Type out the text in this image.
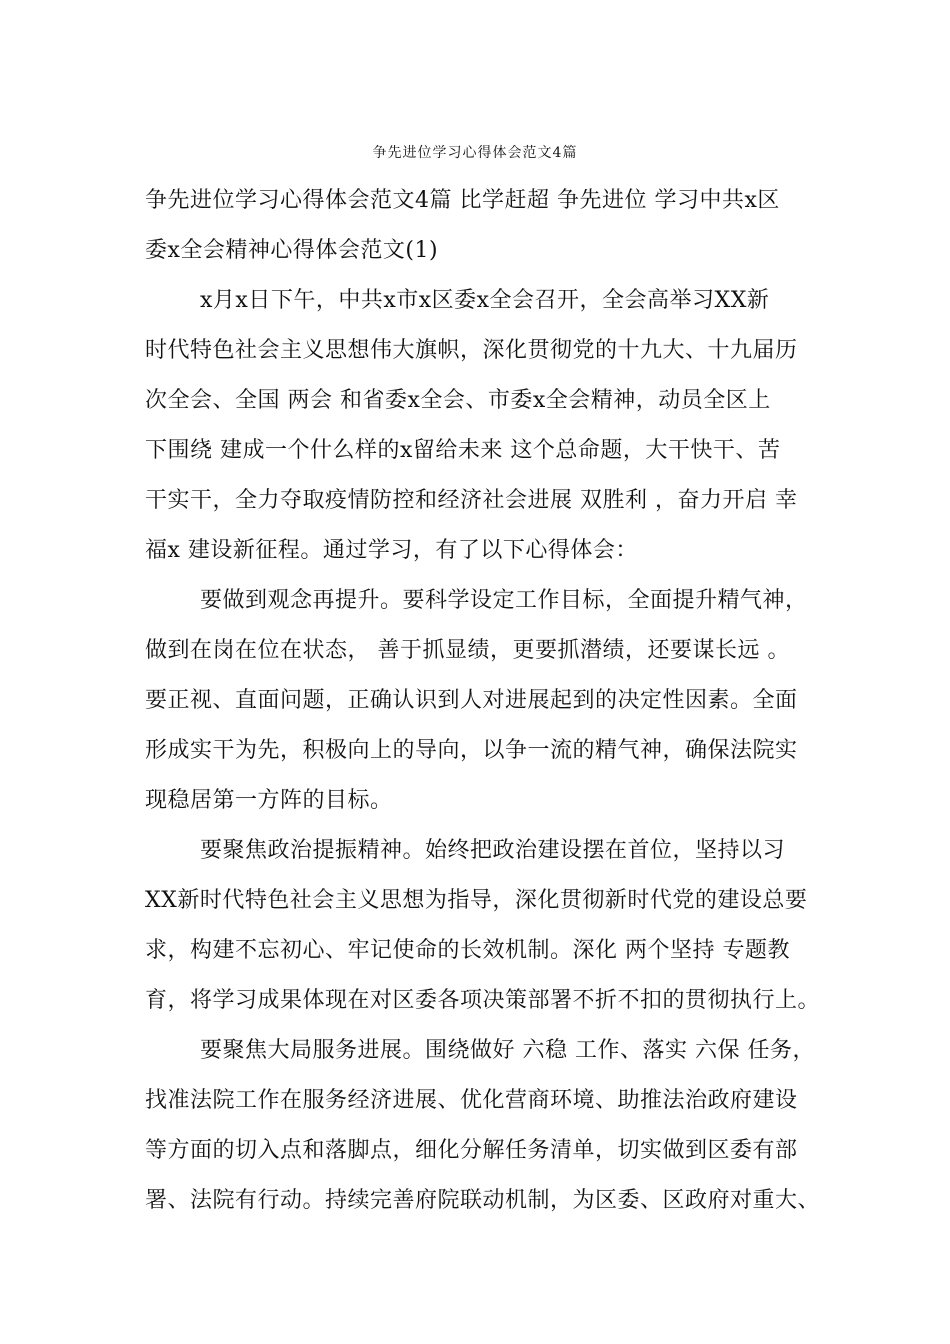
争先进位学习心得体会范文4篇
争先进位学习心得体会范文4篇 比学赶超 争先进位 学习中共x区
委x全会精神心得体会范文(1)
x月x日下午，中共x市x区委x全会召开，全会高举习XX新
时代特色社会主义思想伟大旗帜，深化贯彻党的十九大、十九届历
次全会、全国 两会 和省委x全会、市委x全会精神，动员全区上
下围绕 建成一个什么样的x留给未来 这个总命题，大干快干、苦
干实干，全力夺取疫情防控和经济社会进展 双胜利 ，奋力开启 幸
福x 建设新征程。通过学习，有了以下心得体会：
要做到观念再提升。要科学设定工作目标，全面提升精气神，
做到在岗在位在状态， 善于抓显绩，更要抓潜绩，还要谋长远 。
要正视、直面问题，正确认识到人对进展起到的决定性因素。全面
形成实干为先，积极向上的导向，以争一流的精气神，确保法院实
现稳居第一方阵的目标。
要聚焦政治提振精神。始终把政治建设摆在首位，坚持以习
XX新时代特色社会主义思想为指导，深化贯彻新时代党的建设总要
求，构建不忘初心、牢记使命的长效机制。深化 两个坚持 专题教
育，将学习成果体现在对区委各项决策部署不折不扣的贯彻执行上。
要聚焦大局服务进展。围绕做好 六稳 工作、落实 六保 任务，
找准法院工作在服务经济进展、优化营商环境、助推法治政府建设
等方面的切入点和落脚点，细化分解任务清单，切实做到区委有部
署、法院有行动。持续完善府院联动机制，为区委、区政府对重大、
